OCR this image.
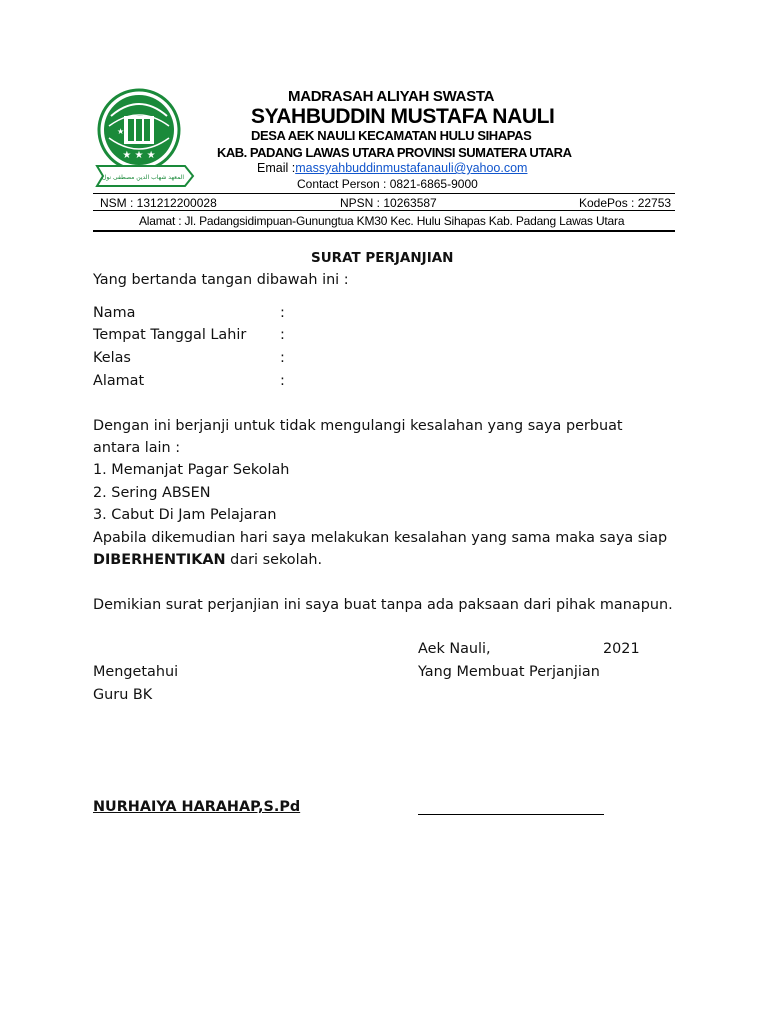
★ ★ ★
★
المعهد شهاب الدين مصطفى نول
MADRASAH ALIYAH SWASTA
SYAHBUDDIN MUSTAFA NAULI
DESA AEK NAULI KECAMATAN HULU SIHAPAS
KAB. PADANG LAWAS UTARA PROVINSI SUMATERA UTARA
Email :massyahbuddinmustafanauli@yahoo.com
Contact Person : 0821-6865-9000
NSM : 131212200028	NPSN : 10263587	KodePos : 22753
Alamat : Jl. Padangsidimpuan-Gunungtua KM30 Kec. Hulu Sihapas Kab. Padang Lawas Utara
SURAT PERJANJIAN
Yang bertanda tangan dibawah ini :
Nama	:
Tempat Tanggal Lahir :
Kelas	:
Alamat	:
Dengan ini berjanji untuk tidak mengulangi kesalahan yang saya perbuat
antara lain :
1. Memanjat Pagar Sekolah
2. Sering ABSEN
3. Cabut Di Jam Pelajaran
Apabila dikemudian hari saya melakukan kesalahan yang sama maka saya siap
DIBERHENTIKAN dari sekolah.
Demikian surat perjanjian ini saya buat tanpa ada paksaan dari pihak manapun.
Aek Nauli,	2021
Mengetahui	Yang Membuat Perjanjian
Guru BK
NURHAIYA HARAHAP,S.Pd
